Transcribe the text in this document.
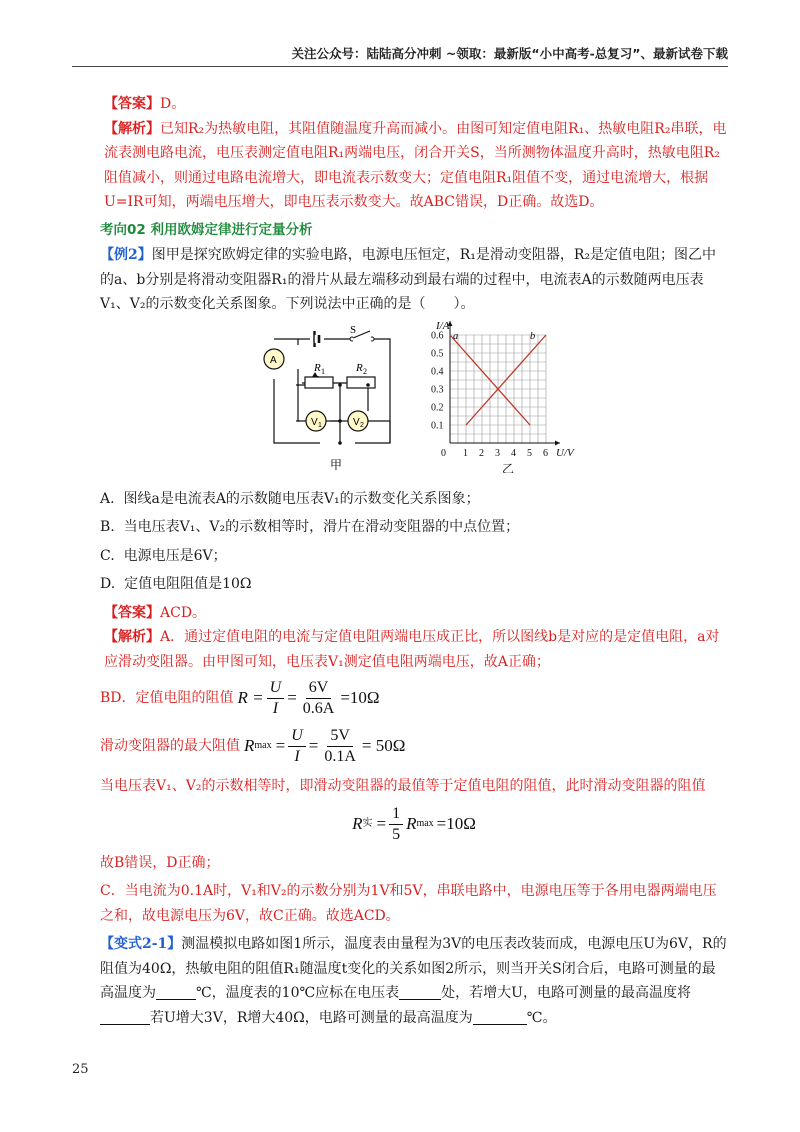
关注公众号：陆陆高分冲刺 ~领取：最新版“小中高考-总复习”、最新试卷下载

【答案】D。

【解析】已知R₂为热敏电阻，其阻值随温度升高而减小。由图可知定值电阻R₁、热敏电阻R₂串联，电流表测电路电流，电压表测定值电阻R₁两端电压，闭合开关S，当所测物体温度升高时，热敏电阻R₂阻值减小，则通过电路电流增大，即电流表示数变大；定值电阻R₁阻值不变，通过电流增大，根据U=IR可知，两端电压增大，即电压表示数变大。故ABC错误，D正确。故选D。

考向02 利用欧姆定律进行定量分析

【例2】图甲是探究欧姆定律的实验电路，电源电压恒定，R₁是滑动变阻器，R₂是定值电阻；图乙中的a、b分别是将滑动变阻器R₁的滑片从最左端移动到最右端的过程中，电流表A的示数随两电压表V₁、V₂的示数变化关系图象。下列说法中正确的是（　　）。

S
A
R 1	R 2
V 1	V 2
甲
0 1 2 3 4 5 6
0.1
0.2
0.3
0.4
0.5
0.6
I/A
U/V
a	b
乙

A. 图线a是电流表A的示数随电压表V₁的示数变化关系图象；

B. 当电压表V₁、V₂的示数相等时，滑片在滑动变阻器的中点位置；

C. 电源电压是6V；

D. 定值电阻阻值是10Ω

【答案】ACD。

【解析】A．通过定值电阻的电流与定值电阻两端电压成正比，所以图线b是对应的是定值电阻，a对应滑动变阻器。由甲图可知，电压表V₁测定值电阻两端电压，故A正确；

BD．定值电阻的阻值 $R = \frac{U}{I} = \frac{6V}{0.6A} =10\Omega$
滑动变阻器的最大阻值 R $\max = \frac{U}{I} = \frac{5V}{0.1A} = 50\Omega$

当电压表V₁、V₂的示数相等时，即滑动变阻器的最值等于定值电阻的阻值，此时滑动变阻器的阻值

R 实 = $\frac{1}{5}$ R max =10Ω

故B错误，D正确；

C．当电流为0.1A时，V₁和V₂的示数分别为1V和5V，串联电路中，电源电压等于各用电器两端电压之和，故电源电压为6V，故C正确。故选ACD。

【变式2-1】测温模拟电路如图1所示，温度表由量程为3V的电压表改装而成，电源电压U为6V，R的阻值为40Ω，热敏电阻的阻值R₁随温度t变化的关系如图2所示，则当开关S闭合后，电路可测量的最高温度为	℃，温度表的10℃应标在电压表	处，若增大U，电路可测量的最高温度将若U增大3V，R增大40Ω，电路可测量的最高温度为	℃。

25
